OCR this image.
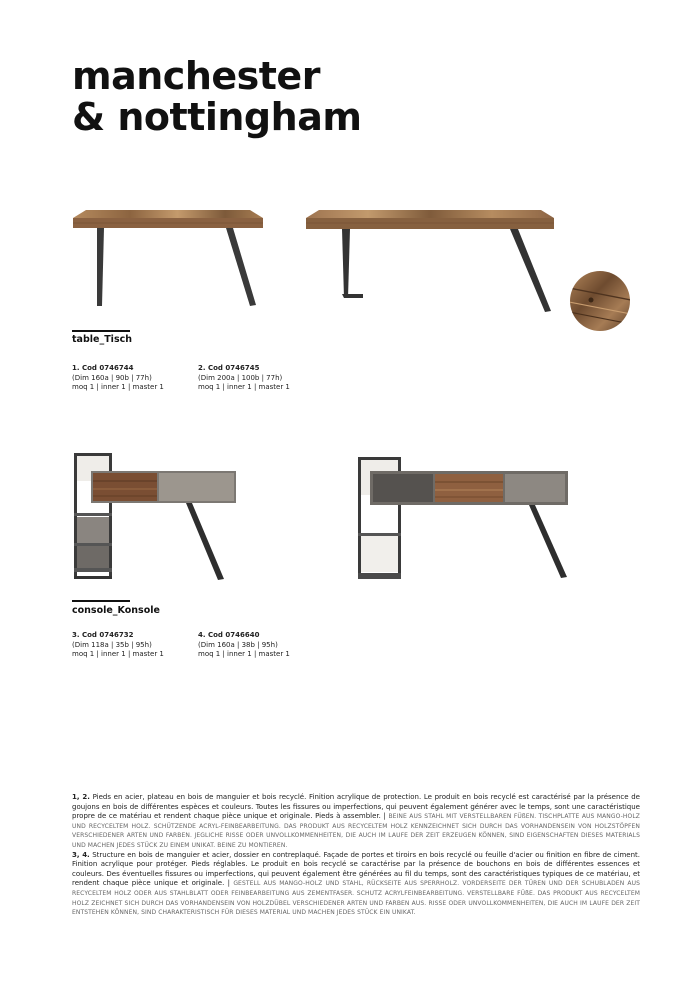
manchester
& nottingham
table_Tisch
1. Cod 0746744
(Dim 160a | 90b | 77h)
moq 1 | inner 1 | master 1
2. Cod 0746745
(Dim 200a | 100b | 77h)
moq 1 | inner 1 | master 1
console_Konsole
3. Cod 0746732
(Dim 118a | 35b | 95h)
moq 1 | inner 1 | master 1
4. Cod 0746640
(Dim 160a | 38b | 95h)
moq 1 | inner 1 | master 1

1, 2. Pieds en acier, plateau en bois de manguier et bois recyclé. Finition acrylique de protection. Le produit en bois recyclé est caractérisé par la présence de goujons en bois de différentes espèces et couleurs. Toutes les fissures ou imperfections, qui peuvent également générer avec le temps, sont une caractéristique propre de ce matériau et rendent chaque pièce unique et originale. Pieds à assembler. | BEINE AUS STAHL MIT VERSTELLBAREN FÜßEN. TISCHPLATTE AUS MANGO-HOLZ UND RECYCELTEM HOLZ. SCHÜTZENDE ACRYL-FEINBEARBEITUNG. DAS PRODUKT AUS RECYCELTEM HOLZ KENNZEICHNET SICH DURCH DAS VORHANDENSEIN VON HOLZSTÖPFEN VERSCHIEDENER ARTEN UND FARBEN. JEGLICHE RISSE ODER UNVOLLKOMMENHEITEN, DIE AUCH IM LAUFE DER ZEIT ERZEUGEN KÖNNEN, SIND EIGENSCHAFTEN DIESES MATERIALS UND MACHEN JEDES STÜCK ZU EINEM UNIKAT. BEINE ZU MONTIEREN.

3, 4. Structure en bois de manguier et acier, dossier en contreplaqué. Façade de portes et tiroirs en bois recyclé ou feuille d'acier ou finition en fibre de ciment. Finition acrylique pour protéger. Pieds réglables. Le produit en bois recyclé se caractérise par la présence de bouchons en bois de différentes essences et couleurs. Des éventuelles fissures ou imperfections, qui peuvent également être générées au fil du temps, sont des caractéristiques typiques de ce matériau, et rendent chaque pièce unique et originale. | GESTELL AUS MANGO-HOLZ UND STAHL, RÜCKSEITE AUS SPERRHOLZ. VORDERSEITE DER TÜREN UND DER SCHUBLADEN AUS RECYCELTEM HOLZ ODER AUS STAHLBLATT ODER FEINBEARBEITUNG AUS ZEMENTFASER. SCHUTZ ACRYLFEINBEARBEITUNG. VERSTELLBARE FÜßE. DAS PRODUKT AUS RECYCELTEM HOLZ ZEICHNET SICH DURCH DAS VORHANDENSEIN VON HOLZDÜBEL VERSCHIEDENER ARTEN UND FARBEN AUS. RISSE ODER UNVOLLKOMMENHEITEN, DIE AUCH IM LAUFE DER ZEIT ENTSTEHEN KÖNNEN, SIND CHARAKTERISTISCH FÜR DIESES MATERIAL UND MACHEN JEDES STÜCK EIN UNIKAT.
